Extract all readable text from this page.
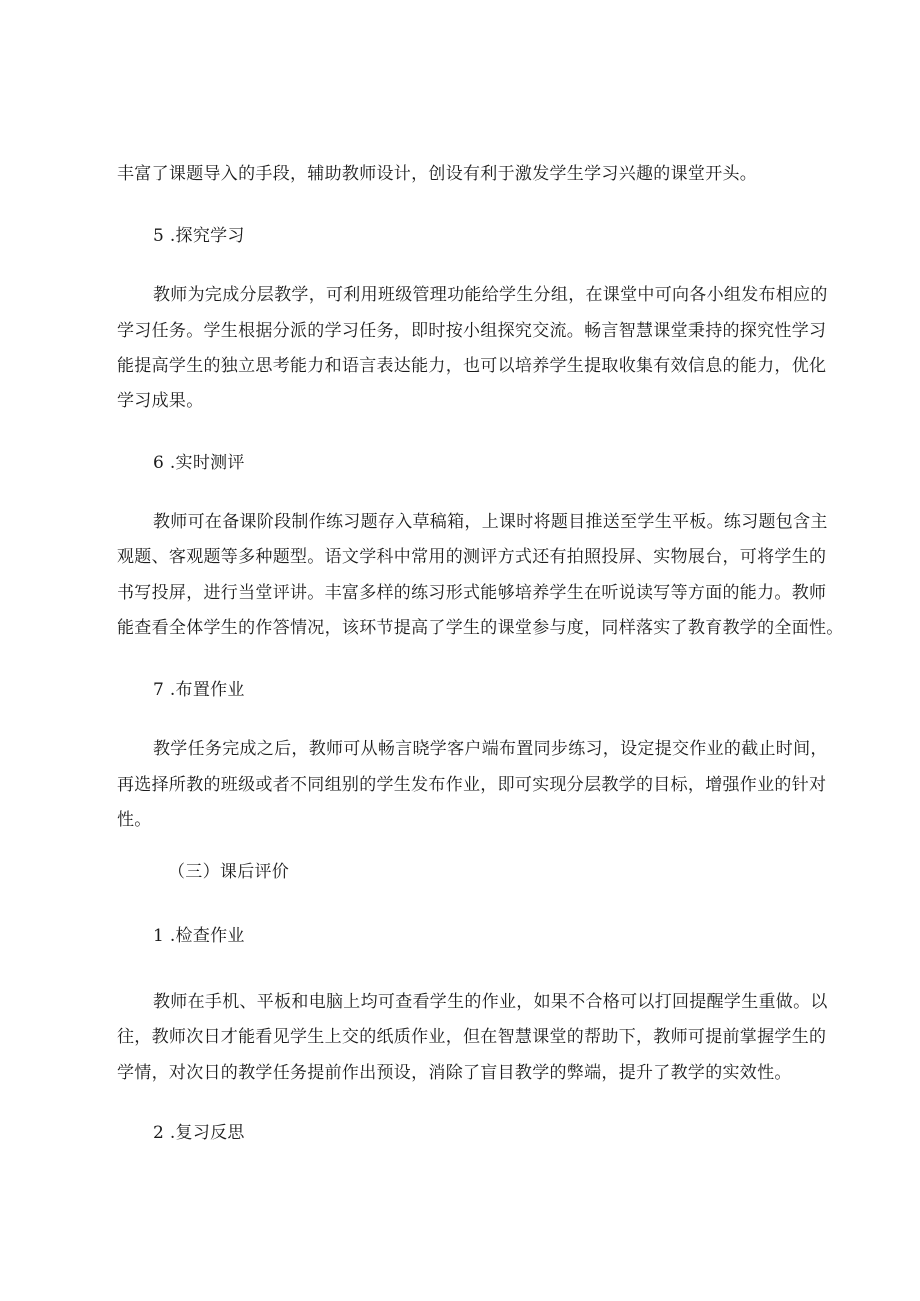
丰富了课题导入的手段，辅助教师设计，创设有利于激发学生学习兴趣的课堂开头。
5 .探究学习
教师为完成分层教学，可利用班级管理功能给学生分组，在课堂中可向各小组发布相应的
学习任务。学生根据分派的学习任务，即时按小组探究交流。畅言智慧课堂秉持的探究性学习
能提高学生的独立思考能力和语言表达能力，也可以培养学生提取收集有效信息的能力，优化
学习成果。
6 .实时测评
教师可在备课阶段制作练习题存入草稿箱，上课时将题目推送至学生平板。练习题包含主
观题、客观题等多种题型。语文学科中常用的测评方式还有拍照投屏、实物展台，可将学生的
书写投屏，进行当堂评讲。丰富多样的练习形式能够培养学生在听说读写等方面的能力。教师
能查看全体学生的作答情况，该环节提高了学生的课堂参与度，同样落实了教育教学的全面性。
7 .布置作业
教学任务完成之后，教师可从畅言晓学客户端布置同步练习，设定提交作业的截止时间，
再选择所教的班级或者不同组别的学生发布作业，即可实现分层教学的目标，增强作业的针对
性。
（三）课后评价
1 .检查作业
教师在手机、平板和电脑上均可查看学生的作业，如果不合格可以打回提醒学生重做。以
往，教师次日才能看见学生上交的纸质作业，但在智慧课堂的帮助下，教师可提前掌握学生的
学情，对次日的教学任务提前作出预设，消除了盲目教学的弊端，提升了教学的实效性。
2 .复习反思
